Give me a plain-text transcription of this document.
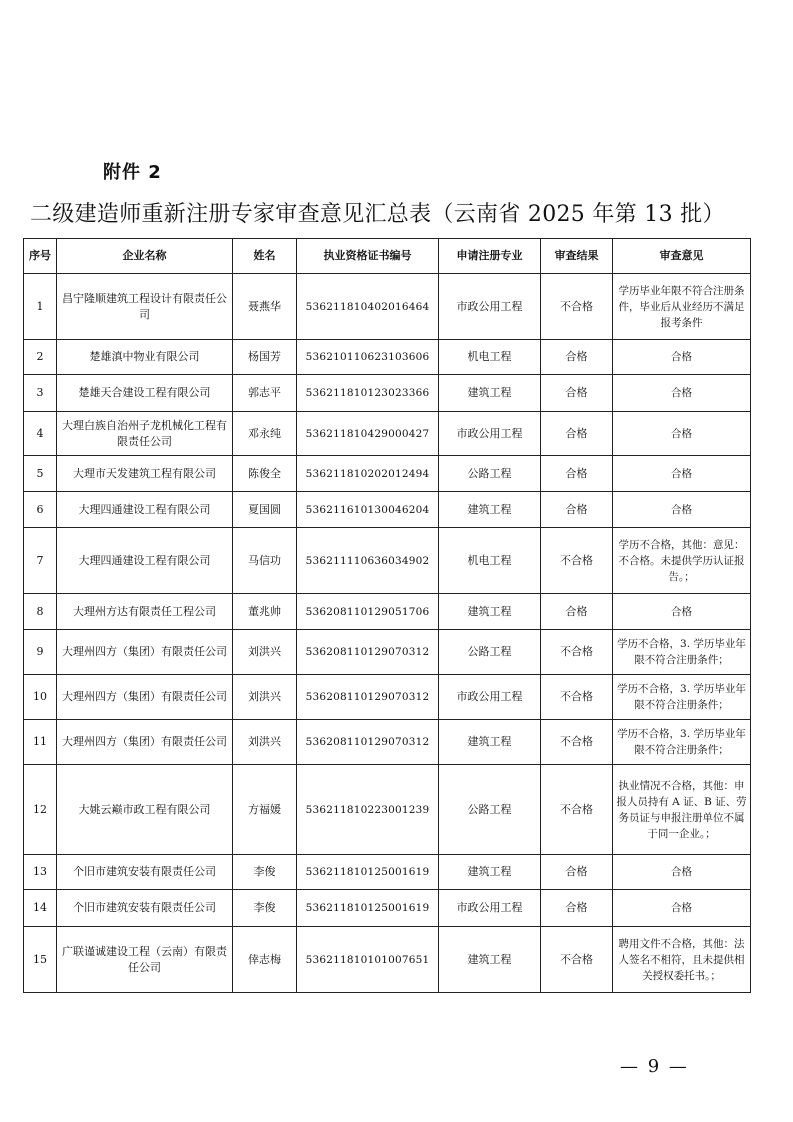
附件 2
二级建造师重新注册专家审查意见汇总表（云南省 2025 年第 13 批）
序号	企业名称	姓名	执业资格证书编号	申请注册专业	审查结果	审查意见
1	昌宁隆顺建筑工程设计有限责任公司	聂燕华	536211810402016464	市政公用工程	不合格	学历毕业年限不符合注册条件，毕业后从业经历不满足报考条件
2	楚雄滇中物业有限公司	杨国芳	536210110623103606	机电工程	合格	合格
3	楚雄天合建设工程有限公司	郭志平	536211810123023366	建筑工程	合格	合格
4	大理白族自治州子龙机械化工程有限责任公司	邓永纯	536211810429000427	市政公用工程	合格	合格
5	大理市天发建筑工程有限公司	陈俊全	536211810202012494	公路工程	合格	合格
6	大理四通建设工程有限公司	夏国圆	536211610130046204	建筑工程	合格	合格
7	大理四通建设工程有限公司	马信功	536211110636034902	机电工程	不合格	学历不合格，其他：意见：不合格。未提供学历认证报告。；
8	大理州方达有限责任工程公司	董兆帅	536208110129051706	建筑工程	合格	合格
9	大理州四方（集团）有限责任公司	刘洪兴	536208110129070312	公路工程	不合格	学历不合格，3. 学历毕业年限不符合注册条件；
10	大理州四方（集团）有限责任公司	刘洪兴	536208110129070312	市政公用工程	不合格	学历不合格，3. 学历毕业年限不符合注册条件；
11	大理州四方（集团）有限责任公司	刘洪兴	536208110129070312	建筑工程	不合格	学历不合格，3. 学历毕业年限不符合注册条件；
12	大姚云巅市政工程有限公司	方福媛	536211810223001239	公路工程	不合格	执业情况不合格，其他：申报人员持有 A 证、B 证、劳务员证与申报注册单位不属于同一企业。；
13	个旧市建筑安装有限责任公司	李俊	536211810125001619	建筑工程	合格	合格
14	个旧市建筑安装有限责任公司	李俊	536211810125001619	市政公用工程	合格	合格
15	广联谨诚建设工程（云南）有限责任公司	倖志梅	536211810101007651	建筑工程	不合格	聘用文件不合格，其他：法人签名不相符，且未提供相关授权委托书。；
— 9 —
